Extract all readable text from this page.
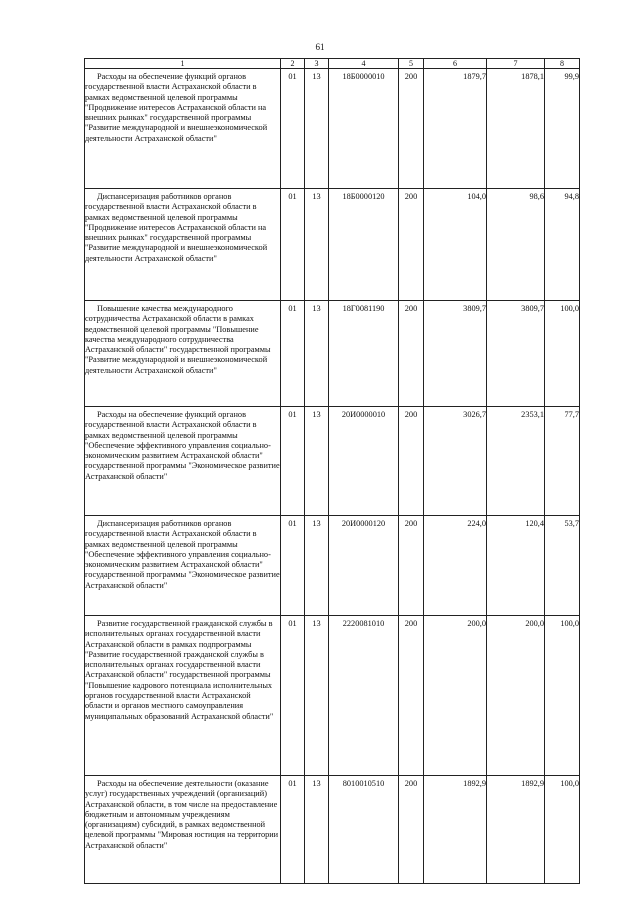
61
1	2	3	4	5	6	7	8

Расходы на обеспечение функций органов государственной власти Астраханской области в рамках ведомственной целевой программы "Продвижение интересов Астраханской области на внешних рынках" государственной программы "Развитие международной и внешнеэкономической деятельности Астраханской области"	01	13	18Б0000010	200	1879,7	1878,1	99,9

Диспансеризация работников органов государственной власти Астраханской области в рамках ведомственной целевой программы "Продвижение интересов Астраханской области на внешних рынках" государственной программы "Развитие международной и внешнеэкономической деятельности Астраханской области"	01	13	18Б0000120	200	104,0	98,6	94,8

Повышение качества международного сотрудничества Астраханской области в рамках ведомственной целевой программы "Повышение качества международного сотрудничества Астраханской области" государственной программы "Развитие международной и внешнеэкономической деятельности Астраханской области"	01	13	18Г0081190	200	3809,7	3809,7	100,0

Расходы на обеспечение функций органов государственной власти Астраханской области в рамках ведомственной целевой программы "Обеспечение эффективного управления социально-экономическим развитием Астраханской области" государственной программы "Экономическое развитие Астраханской области"	01	13	20И0000010	200	3026,7	2353,1	77,7

Диспансеризация работников органов государственной власти Астраханской области в рамках ведомственной целевой программы "Обеспечение эффективного управления социально-экономическим развитием Астраханской области" государственной программы "Экономическое развитие Астраханской области"	01	13	20И0000120	200	224,0	120,4	53,7

Развитие государственной гражданской службы в исполнительных органах государственной власти Астраханской области в рамках подпрограммы "Развитие государственной гражданской службы в исполнительных органах государственной власти Астраханской области" государственной программы "Повышение кадрового потенциала исполнительных органов государственной власти Астраханской области и органов местного самоуправления муниципальных образований Астраханской области"	01	13	2220081010	200	200,0	200,0	100,0

Расходы на обеспечение деятельности (оказание услуг) государственных учреждений (организаций) Астраханской области, в том числе на предоставление бюджетным и автономным учреждениям (организациям) субсидий, в рамках ведомственной целевой программы "Мировая юстиция на территории Астраханской области"	01	13	8010010510	200	1892,9	1892,9	100,0
